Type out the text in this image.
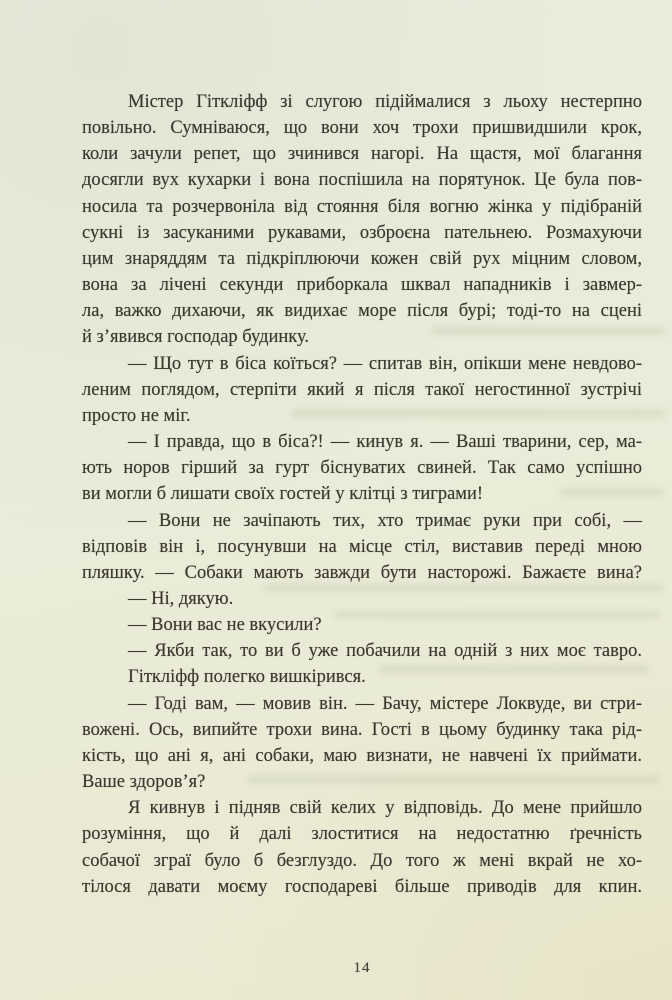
Містер Гіткліфф зі слугою підіймалися з льоху нестерпно
повільно. Сумніваюся, що вони хоч трохи пришвидшили крок,
коли зачули репет, що зчинився нагорі. На щастя, мої благання
досягли вух кухарки і вона поспішила на порятунок. Це була пов-
носила та розчервоніла від стояння біля вогню жінка у підібраній
сукні із засуканими рукавами, озброєна пательнею. Розмахуючи
цим знаряддям та підкріплюючи кожен свій рух міцним словом,
вона за лічені секунди приборкала шквал нападників і завмер-
ла, важко дихаючи, як видихає море після бурі; тоді-то на сцені
й з’явився господар будинку.
— Що тут в біса коїться? — спитав він, опікши мене невдово-
леним поглядом, стерпіти який я після такої негостинної зустрічі
просто не міг.
— І правда, що в біса?! — кинув я. — Ваші тварини, сер, ма-
ють норов гірший за гурт біснуватих свиней. Так само успішно
ви могли б лишати своїх гостей у клітці з тиграми!
— Вони не зачіпають тих, хто тримає руки при собі, —
відповів він і, посунувши на місце стіл, виставив переді мною
пляшку. — Собаки мають завжди бути насторожі. Бажаєте вина?
— Ні, дякую.
— Вони вас не вкусили?
— Якби так, то ви б уже побачили на одній з них моє тавро.
Гіткліфф полегко вишкірився.
— Годі вам, — мовив він. — Бачу, містере Локвуде, ви стри-
вожені. Ось, випийте трохи вина. Гості в цьому будинку така рід-
кість, що ані я, ані собаки, маю визнати, не навчені їх приймати.
Ваше здоров’я?
Я кивнув і підняв свій келих у відповідь. До мене прийшло
розуміння, що й далі злоститися на недостатню ґречність
собачої зграї було б безглуздо. До того ж мені вкрай не хо-
тілося давати моєму господареві більше приводів для кпин.
14
